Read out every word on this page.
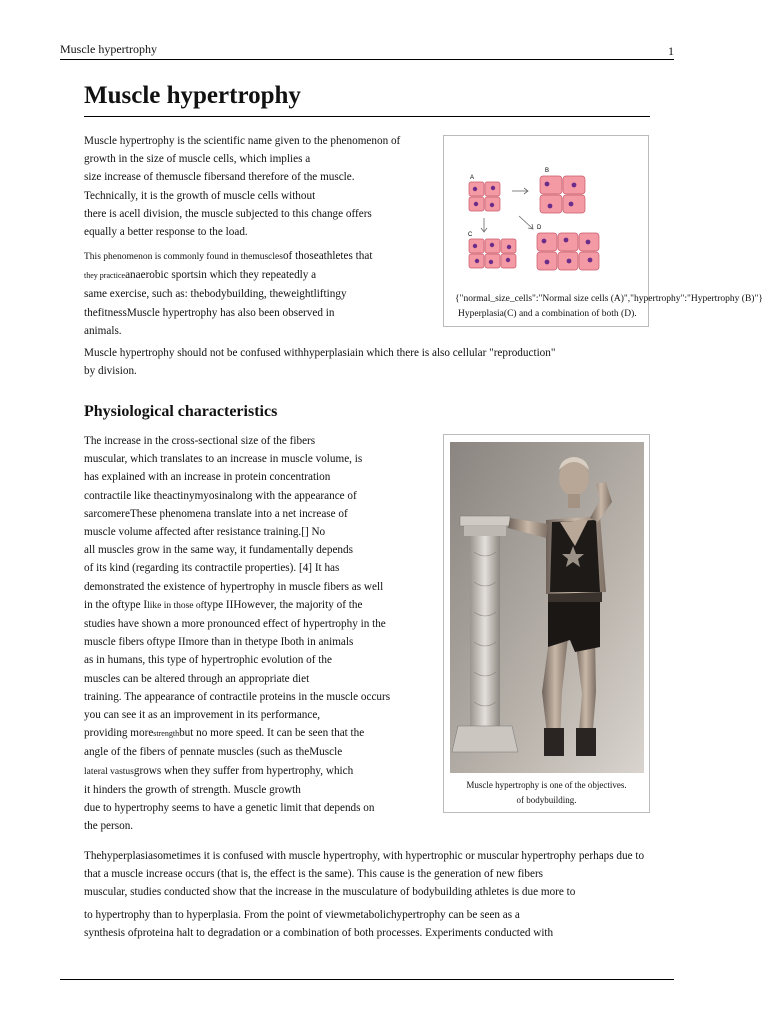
Muscle hypertrophy	1
Muscle hypertrophy
Muscle hypertrophy is the scientific name given to the phenomenon of
growth in the size of muscle cells, which implies a
size increase of themuscle fibersand therefore of the muscle.
Technically, it is the growth of muscle cells without
there is acell division, the muscle subjected to this change offers
equally a better response to the load.
This phenomenon is commonly found in themusclesof thoseathletes that
they practiceanaerobic sportsin which they repeatedly a
same exercise, such as: thebodybuilding, theweightliftingy
thefitnessMuscle hypertrophy has also been observed in
animals.
Muscle hypertrophy should not be confused withhyperplasiain which there is also cellular "reproduction"
by division.
Physiological characteristics
The increase in the cross-sectional size of the fibers
muscular, which translates to an increase in muscle volume, is
has explained with an increase in protein concentration
contractile like theactinymyosinalong with the appearance of
sarcomereThese phenomena translate into a net increase of
muscle volume affected after resistance training.[] No
all muscles grow in the same way, it fundamentally depends
of its kind (regarding its contractile properties). [4] It has
demonstrated the existence of hypertrophy in muscle fibers as well
in the oftype Ilike in those oftype IIHowever, the majority of the
studies have shown a more pronounced effect of hypertrophy in the
muscle fibers oftype IImore than in thetype Iboth in animals
as in humans, this type of hypertrophic evolution of the
muscles can be altered through an appropriate diet
training. The appearance of contractile proteins in the muscle occurs
you can see it as an improvement in its performance,
providing morestrengthbut no more speed. It can be seen that the
angle of the fibers of pennate muscles (such as theMuscle
lateral vastusgrows when they suffer from hypertrophy, which
it hinders the growth of strength. Muscle growth
due to hypertrophy seems to have a genetic limit that depends on
the person.
Thehyperplasiasometimes it is confused with muscle hypertrophy, with hypertrophic or muscular hypertrophy perhaps due to
that a muscle increase occurs (that is, the effect is the same). This cause is the generation of new fibers
muscular, studies conducted show that the increase in the musculature of bodybuilding athletes is due more to
to hypertrophy than to hyperplasia. From the point of viewmetabolichypertrophy can be seen as a
synthesis ofproteina halt to degradation or a combination of both processes. Experiments conducted with
A
B
C
D
{"normal_size_cells":"Normal size cells (A)","hypertrophy":"Hypertrophy (B)"}
Hyperplasia(C) and a combination of both (D).
Muscle hypertrophy is one of the objectives.
of bodybuilding.
